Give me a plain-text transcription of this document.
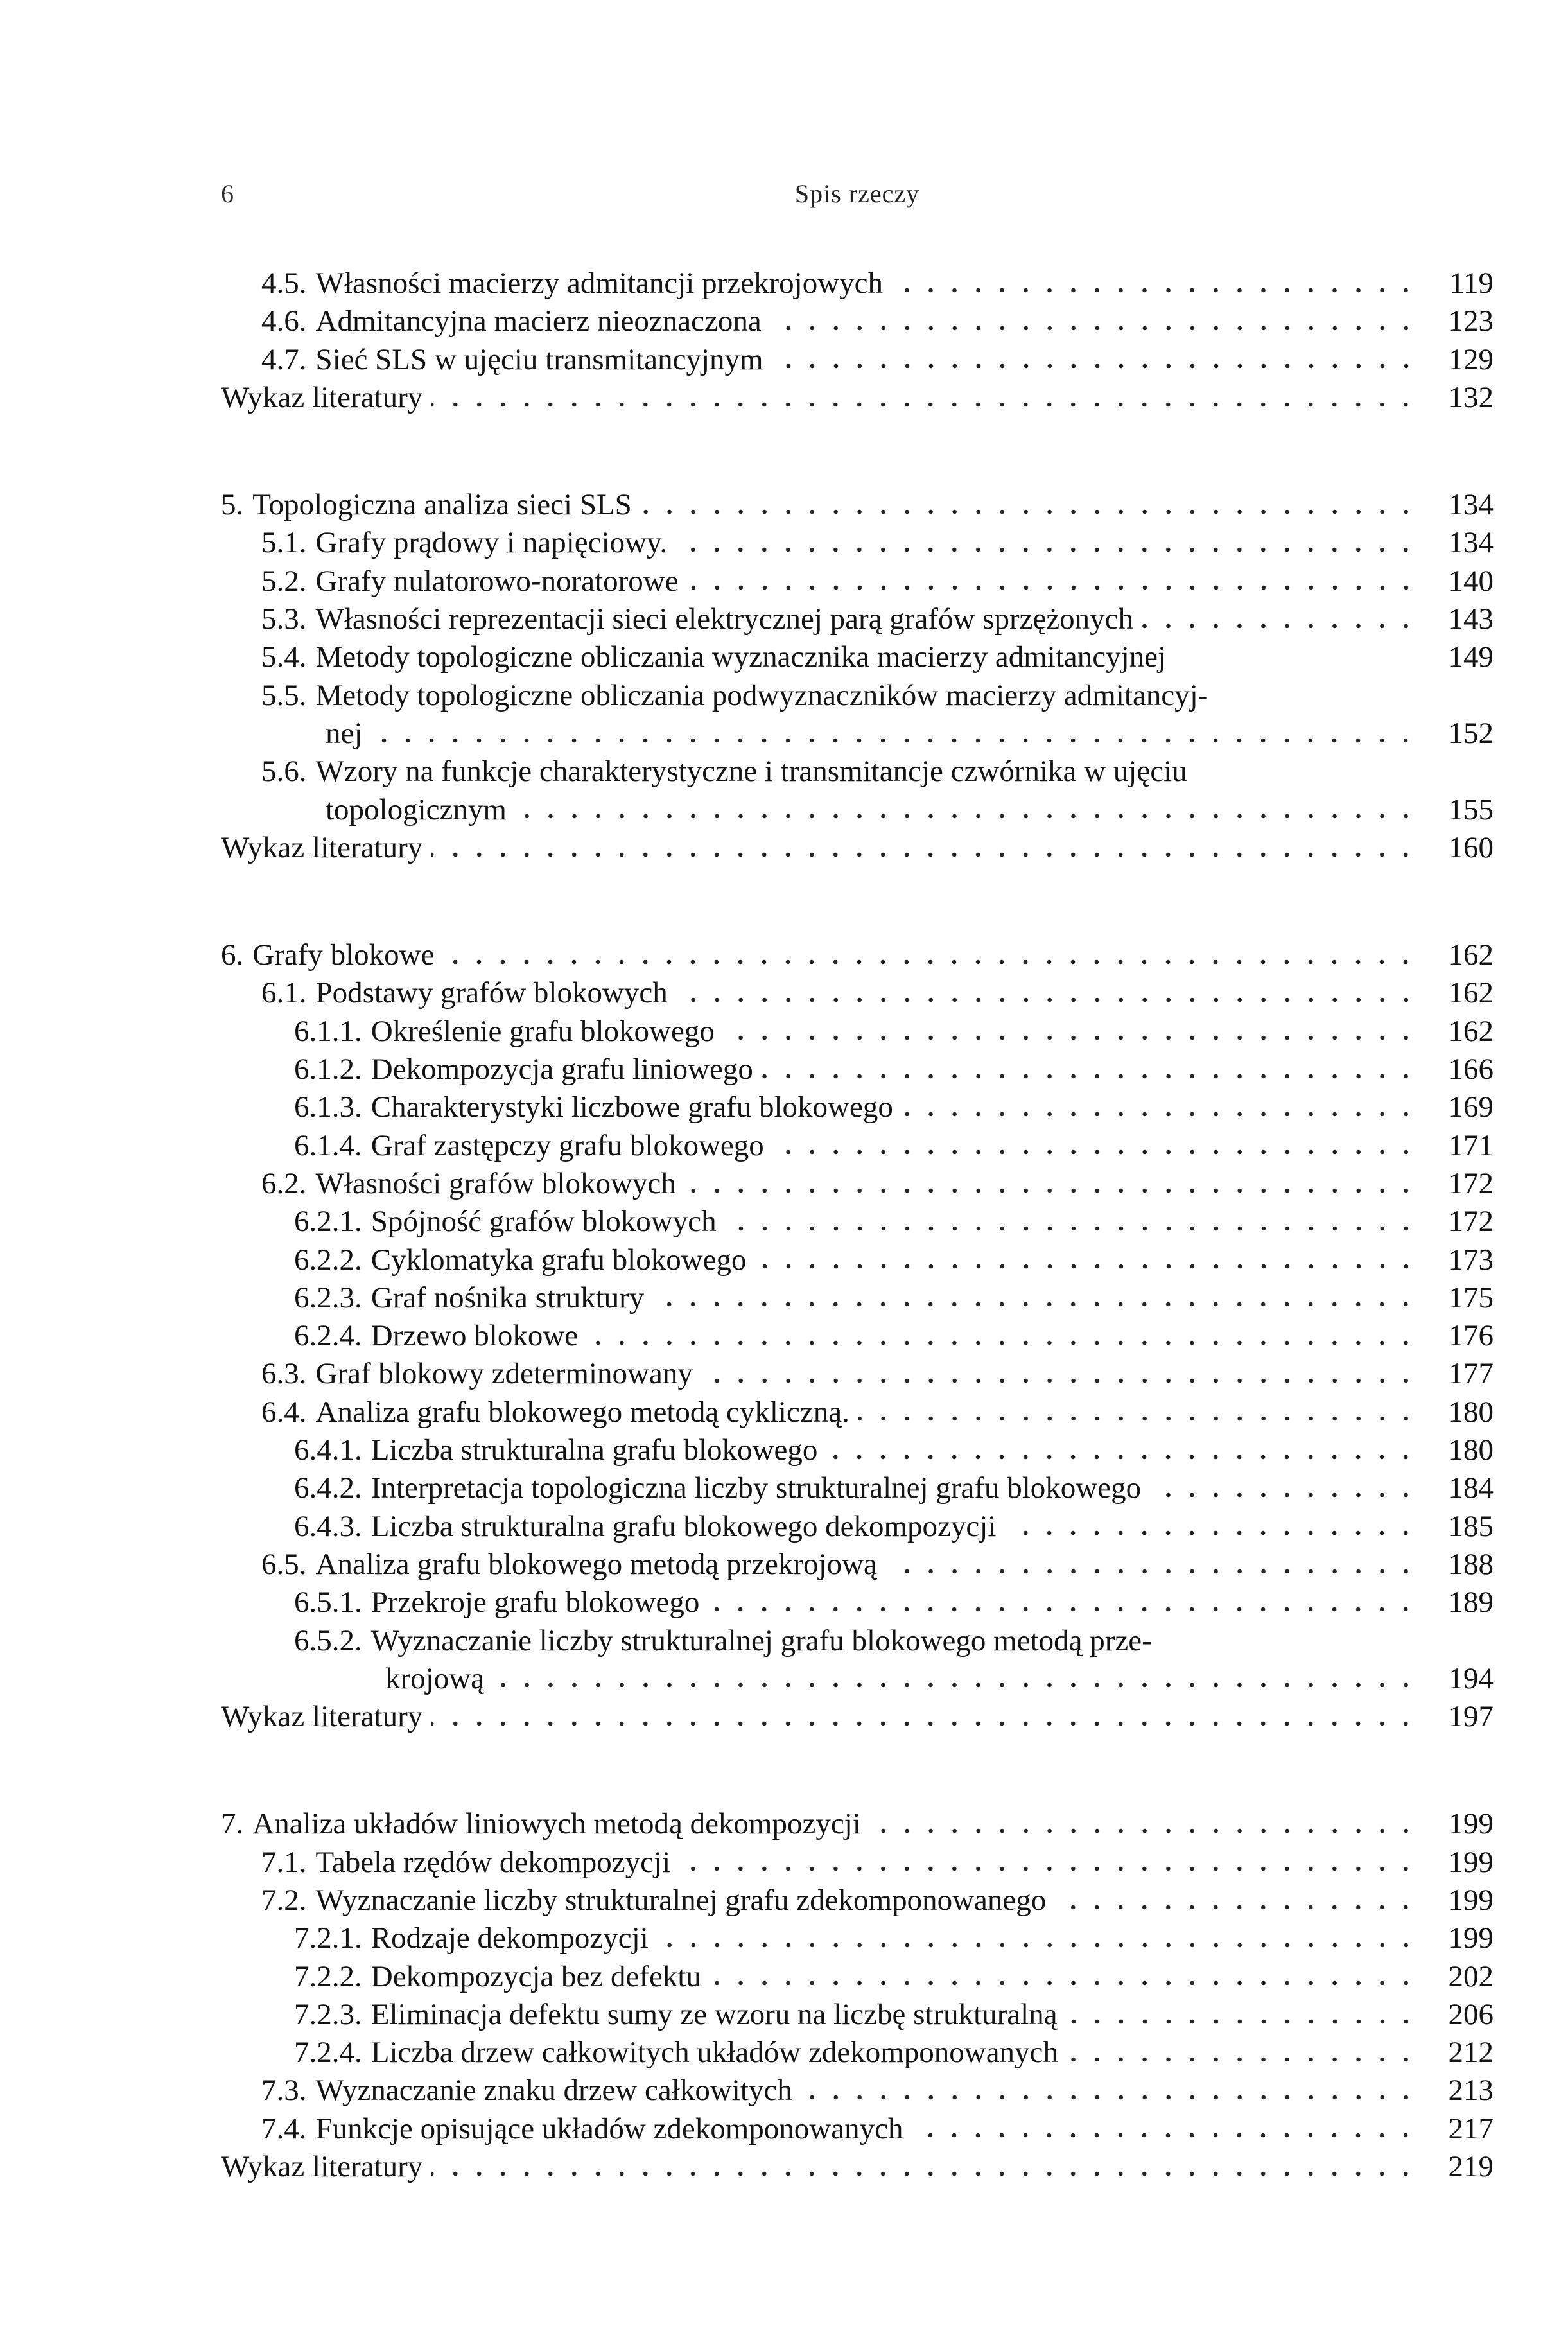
6	Spis rzeczy
4.5. Własności macierzy admitancji przekrojowych	119
4.6. Admitancyjna macierz nieoznaczona	123
4.7. Sieć SLS w ujęciu transmitancyjnym	129
Wykaz literatury	132
5. Topologiczna analiza sieci SLS	134
5.1. Grafy prądowy i napięciowy.	134
5.2. Grafy nulatorowo-noratorowe	140
5.3. Własności reprezentacji sieci elektrycznej parą grafów sprzężonych	143
5.4. Metody topologiczne obliczania wyznacznika macierzy admitancyjnej	149
5.5. Metody topologiczne obliczania podwyznaczników macierzy admitancyj-
nej	152
5.6. Wzory na funkcje charakterystyczne i transmitancje czwórnika w ujęciu
topologicznym	155
Wykaz literatury	160
6. Grafy blokowe	162
6.1. Podstawy grafów blokowych	162
6.1.1. Określenie grafu blokowego	162
6.1.2. Dekompozycja grafu liniowego	166
6.1.3. Charakterystyki liczbowe grafu blokowego	169
6.1.4. Graf zastępczy grafu blokowego	171
6.2. Własności grafów blokowych	172
6.2.1. Spójność grafów blokowych	172
6.2.2. Cyklomatyka grafu blokowego	173
6.2.3. Graf nośnika struktury	175
6.2.4. Drzewo blokowe	176
6.3. Graf blokowy zdeterminowany	177
6.4. Analiza grafu blokowego metodą cykliczną.	180
6.4.1. Liczba strukturalna grafu blokowego	180
6.4.2. Interpretacja topologiczna liczby strukturalnej grafu blokowego	184
6.4.3. Liczba strukturalna grafu blokowego dekompozycji	185
6.5. Analiza grafu blokowego metodą przekrojową	188
6.5.1. Przekroje grafu blokowego	189
6.5.2. Wyznaczanie liczby strukturalnej grafu blokowego metodą prze-
krojową	194
Wykaz literatury	197
7. Analiza układów liniowych metodą dekompozycji	199
7.1. Tabela rzędów dekompozycji	199
7.2. Wyznaczanie liczby strukturalnej grafu zdekomponowanego	199
7.2.1. Rodzaje dekompozycji	199
7.2.2. Dekompozycja bez defektu	202
7.2.3. Eliminacja defektu sumy ze wzoru na liczbę strukturalną	206
7.2.4. Liczba drzew całkowitych układów zdekomponowanych	212
7.3. Wyznaczanie znaku drzew całkowitych	213
7.4. Funkcje opisujące układów zdekomponowanych	217
Wykaz literatury	219
